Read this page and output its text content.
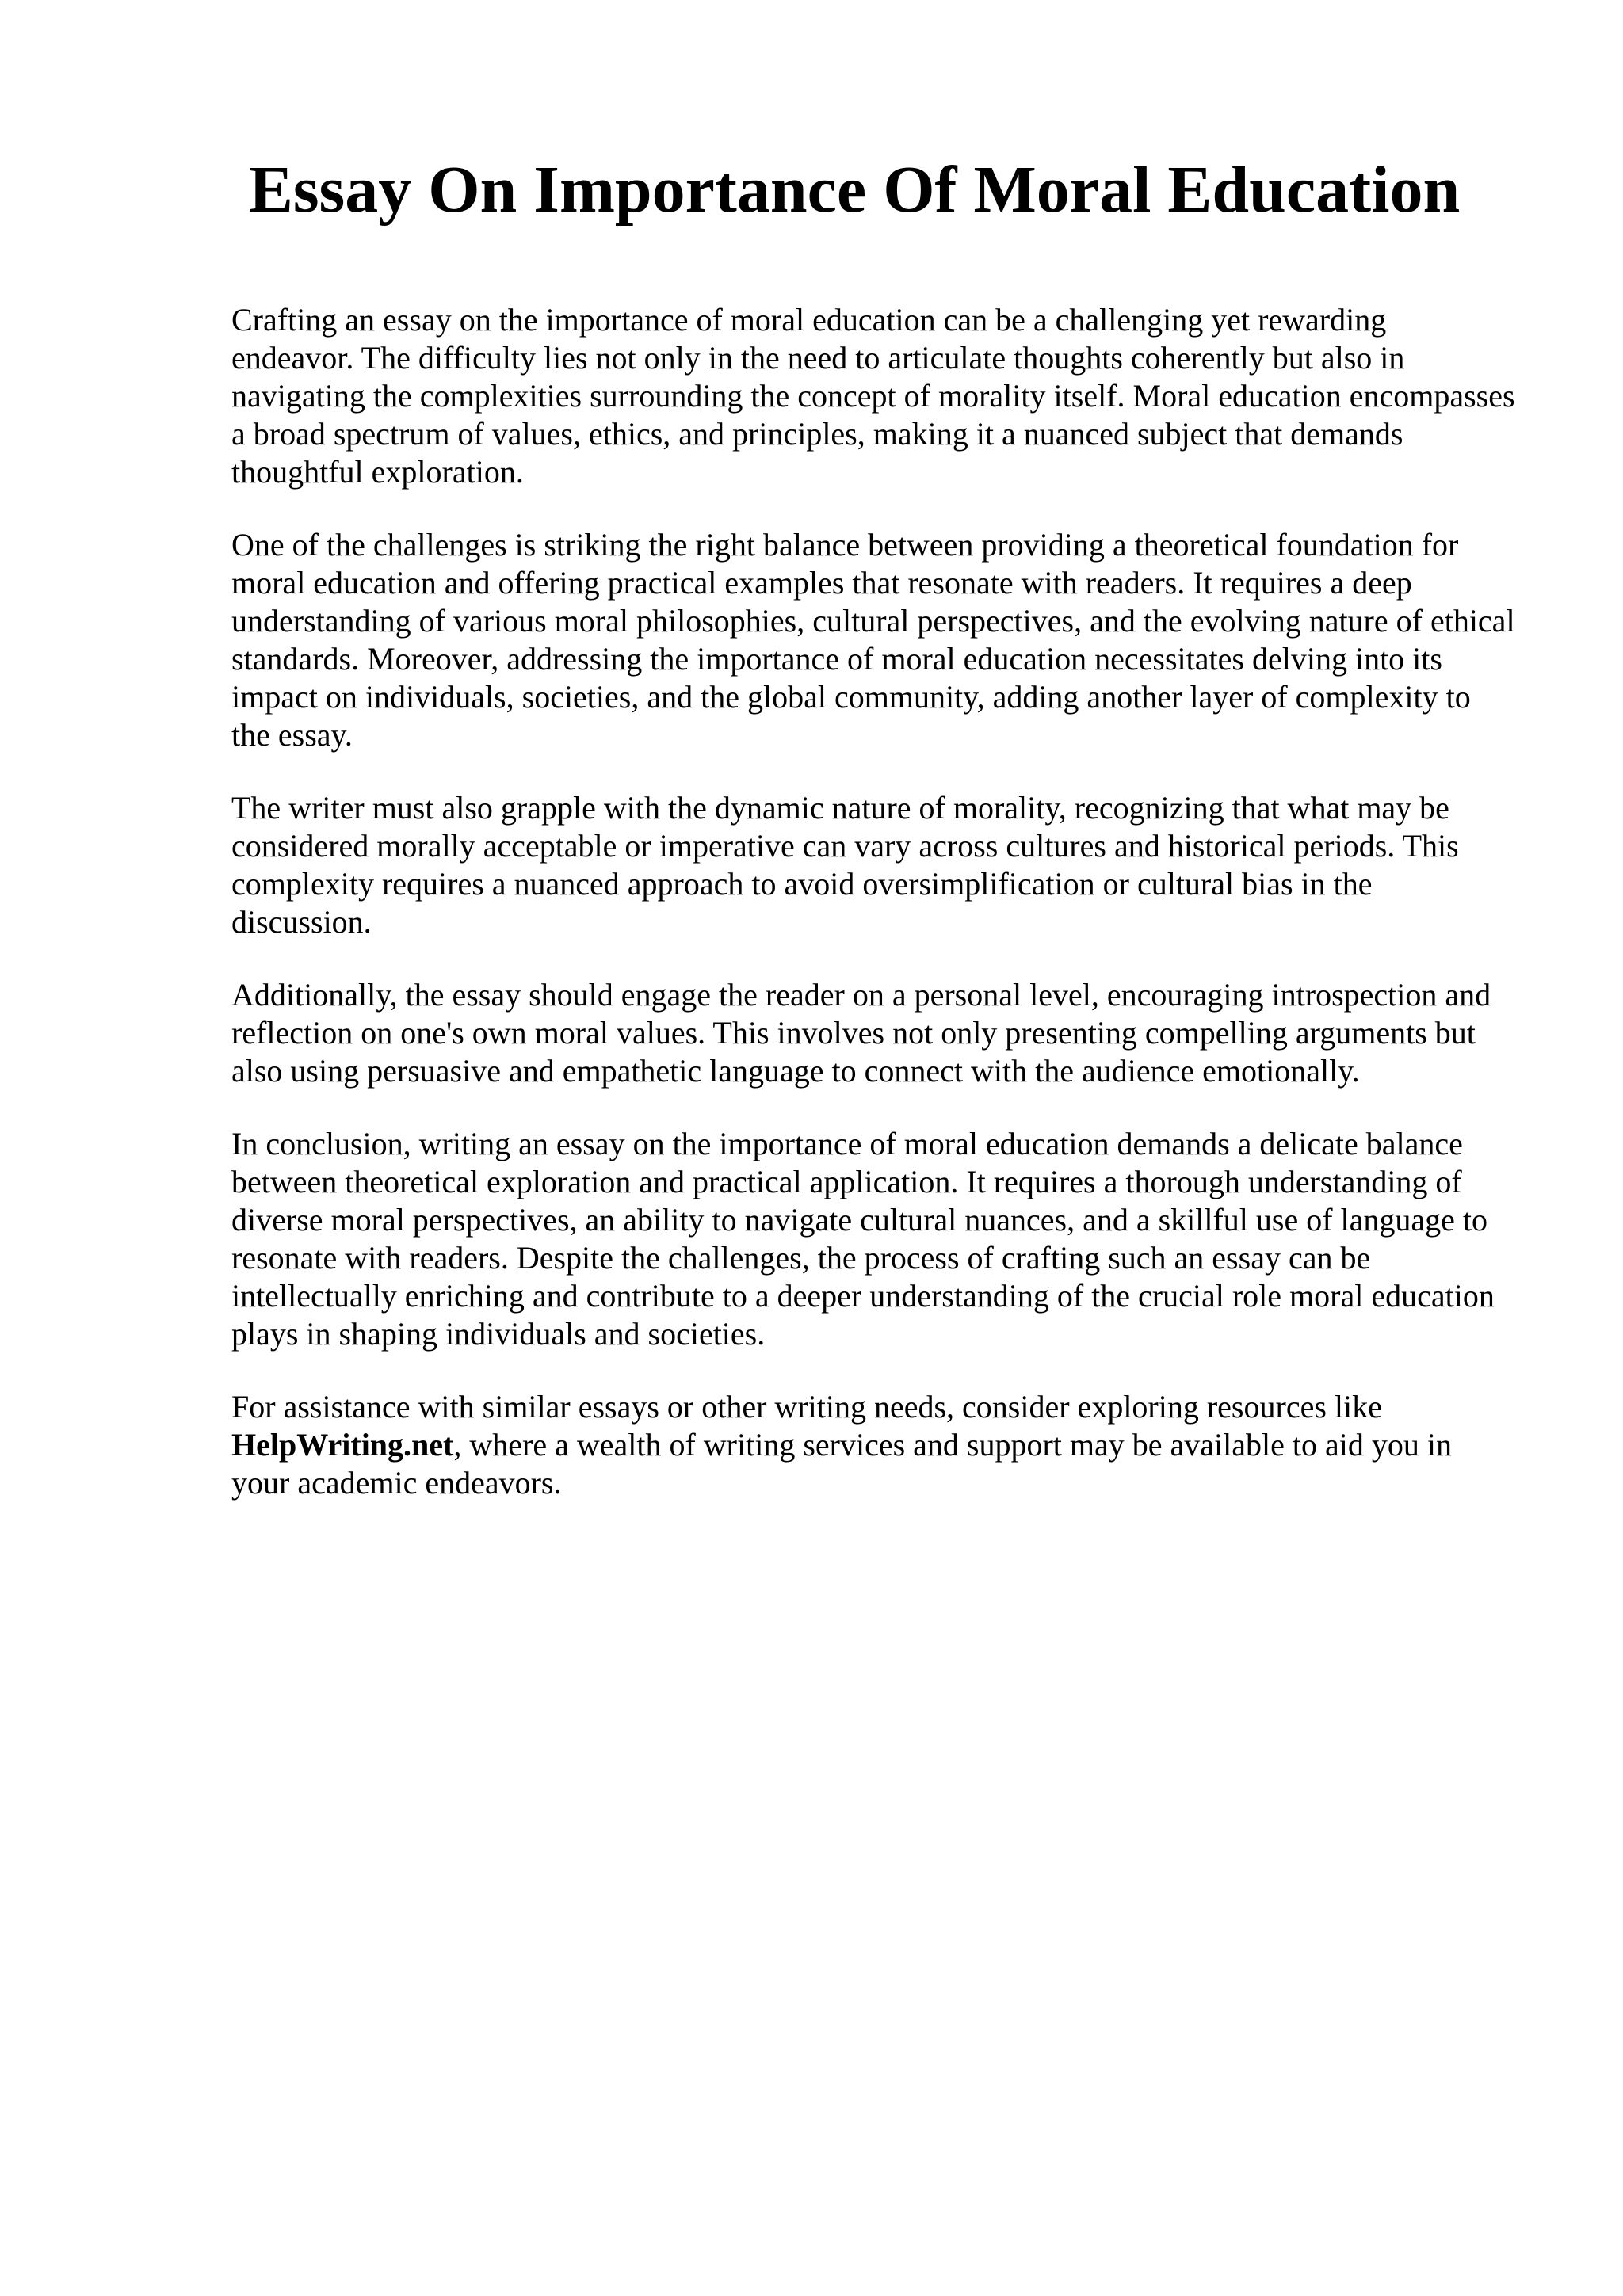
Essay On Importance Of Moral Education

Crafting an essay on the importance of moral education can be a challenging yet rewarding endeavor. The difficulty lies not only in the need to articulate thoughts coherently but also in navigating the complexities surrounding the concept of morality itself. Moral education encompasses a broad spectrum of values, ethics, and principles, making it a nuanced subject that demands thoughtful exploration.

One of the challenges is striking the right balance between providing a theoretical foundation for moral education and offering practical examples that resonate with readers. It requires a deep understanding of various moral philosophies, cultural perspectives, and the evolving nature of ethical standards. Moreover, addressing the importance of moral education necessitates delving into its impact on individuals, societies, and the global community, adding another layer of complexity to the essay.

The writer must also grapple with the dynamic nature of morality, recognizing that what may be considered morally acceptable or imperative can vary across cultures and historical periods. This complexity requires a nuanced approach to avoid oversimplification or cultural bias in the discussion.

Additionally, the essay should engage the reader on a personal level, encouraging introspection and reflection on one's own moral values. This involves not only presenting compelling arguments but also using persuasive and empathetic language to connect with the audience emotionally.

In conclusion, writing an essay on the importance of moral education demands a delicate balance between theoretical exploration and practical application. It requires a thorough understanding of diverse moral perspectives, an ability to navigate cultural nuances, and a skillful use of language to resonate with readers. Despite the challenges, the process of crafting such an essay can be intellectually enriching and contribute to a deeper understanding of the crucial role moral education plays in shaping individuals and societies.

For assistance with similar essays or other writing needs, consider exploring resources like HelpWriting.net, where a wealth of writing services and support may be available to aid you in your academic endeavors.
